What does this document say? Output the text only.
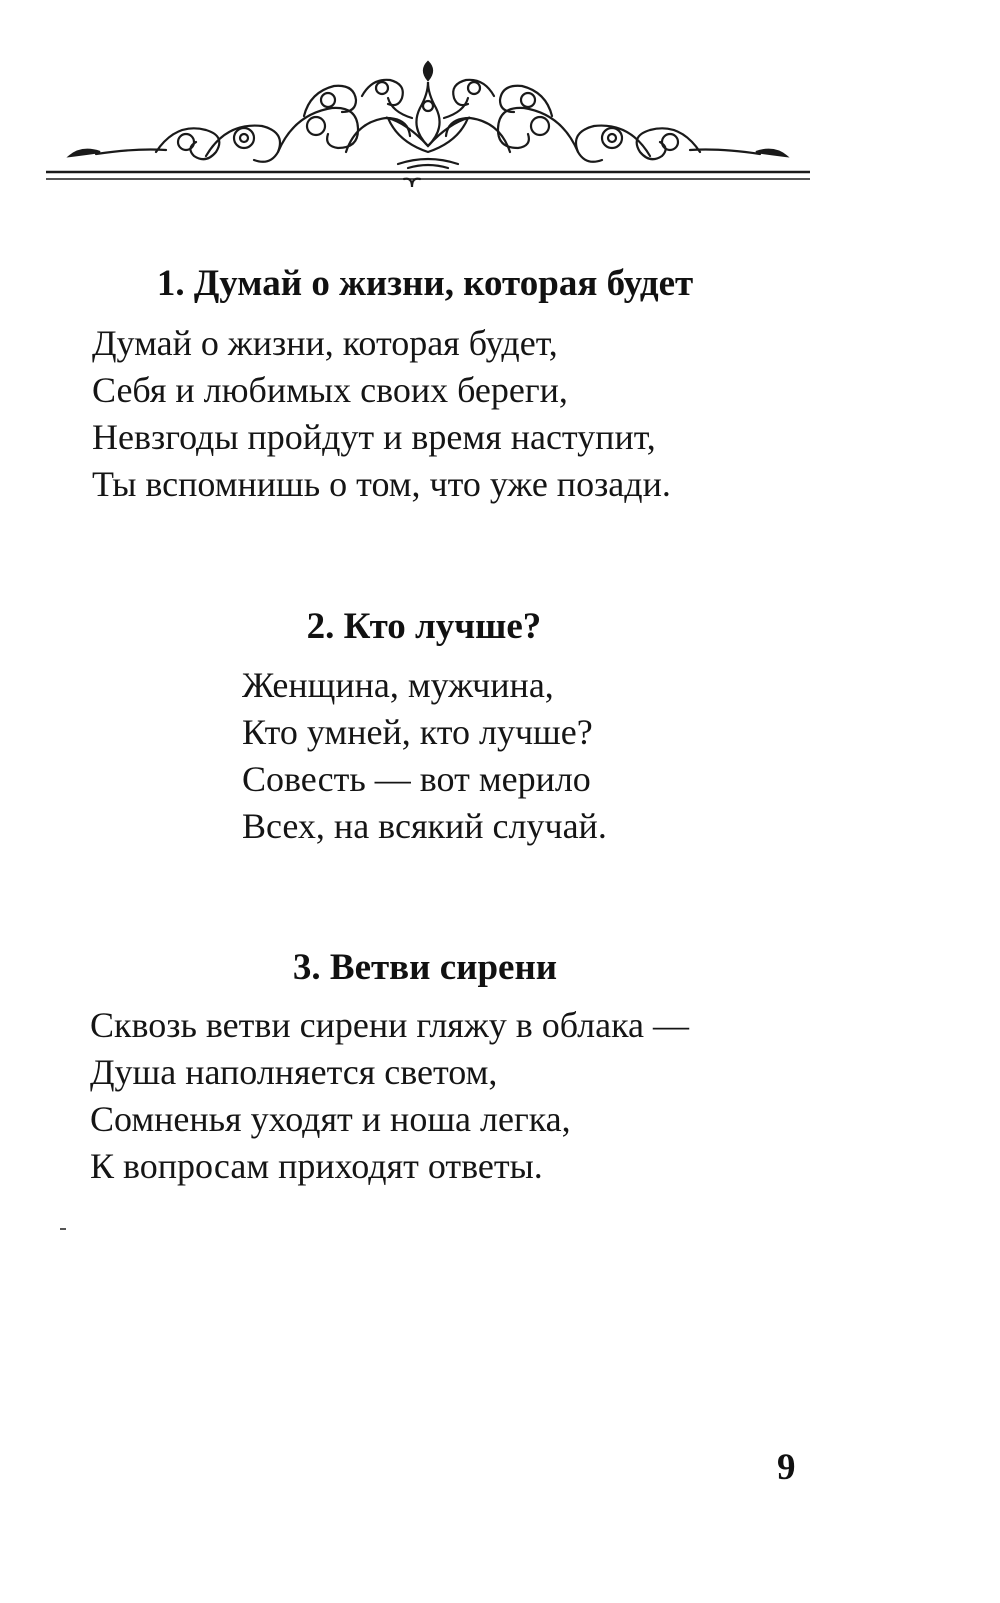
1. Думай о жизни, которая будет
Думай о жизни, которая будет,
Себя и любимых своих береги,
Невзгоды пройдут и время наступит,
Ты вспомнишь о том, что уже позади.
2. Кто лучше?
Женщина, мужчина,
Кто умней, кто лучше?
Совесть — вот мерило
Всех, на всякий случай.
3. Ветви сирени
Сквозь ветви сирени гляжу в облака —
Душа наполняется светом,
Сомненья уходят и ноша легка,
К вопросам приходят ответы.
9
